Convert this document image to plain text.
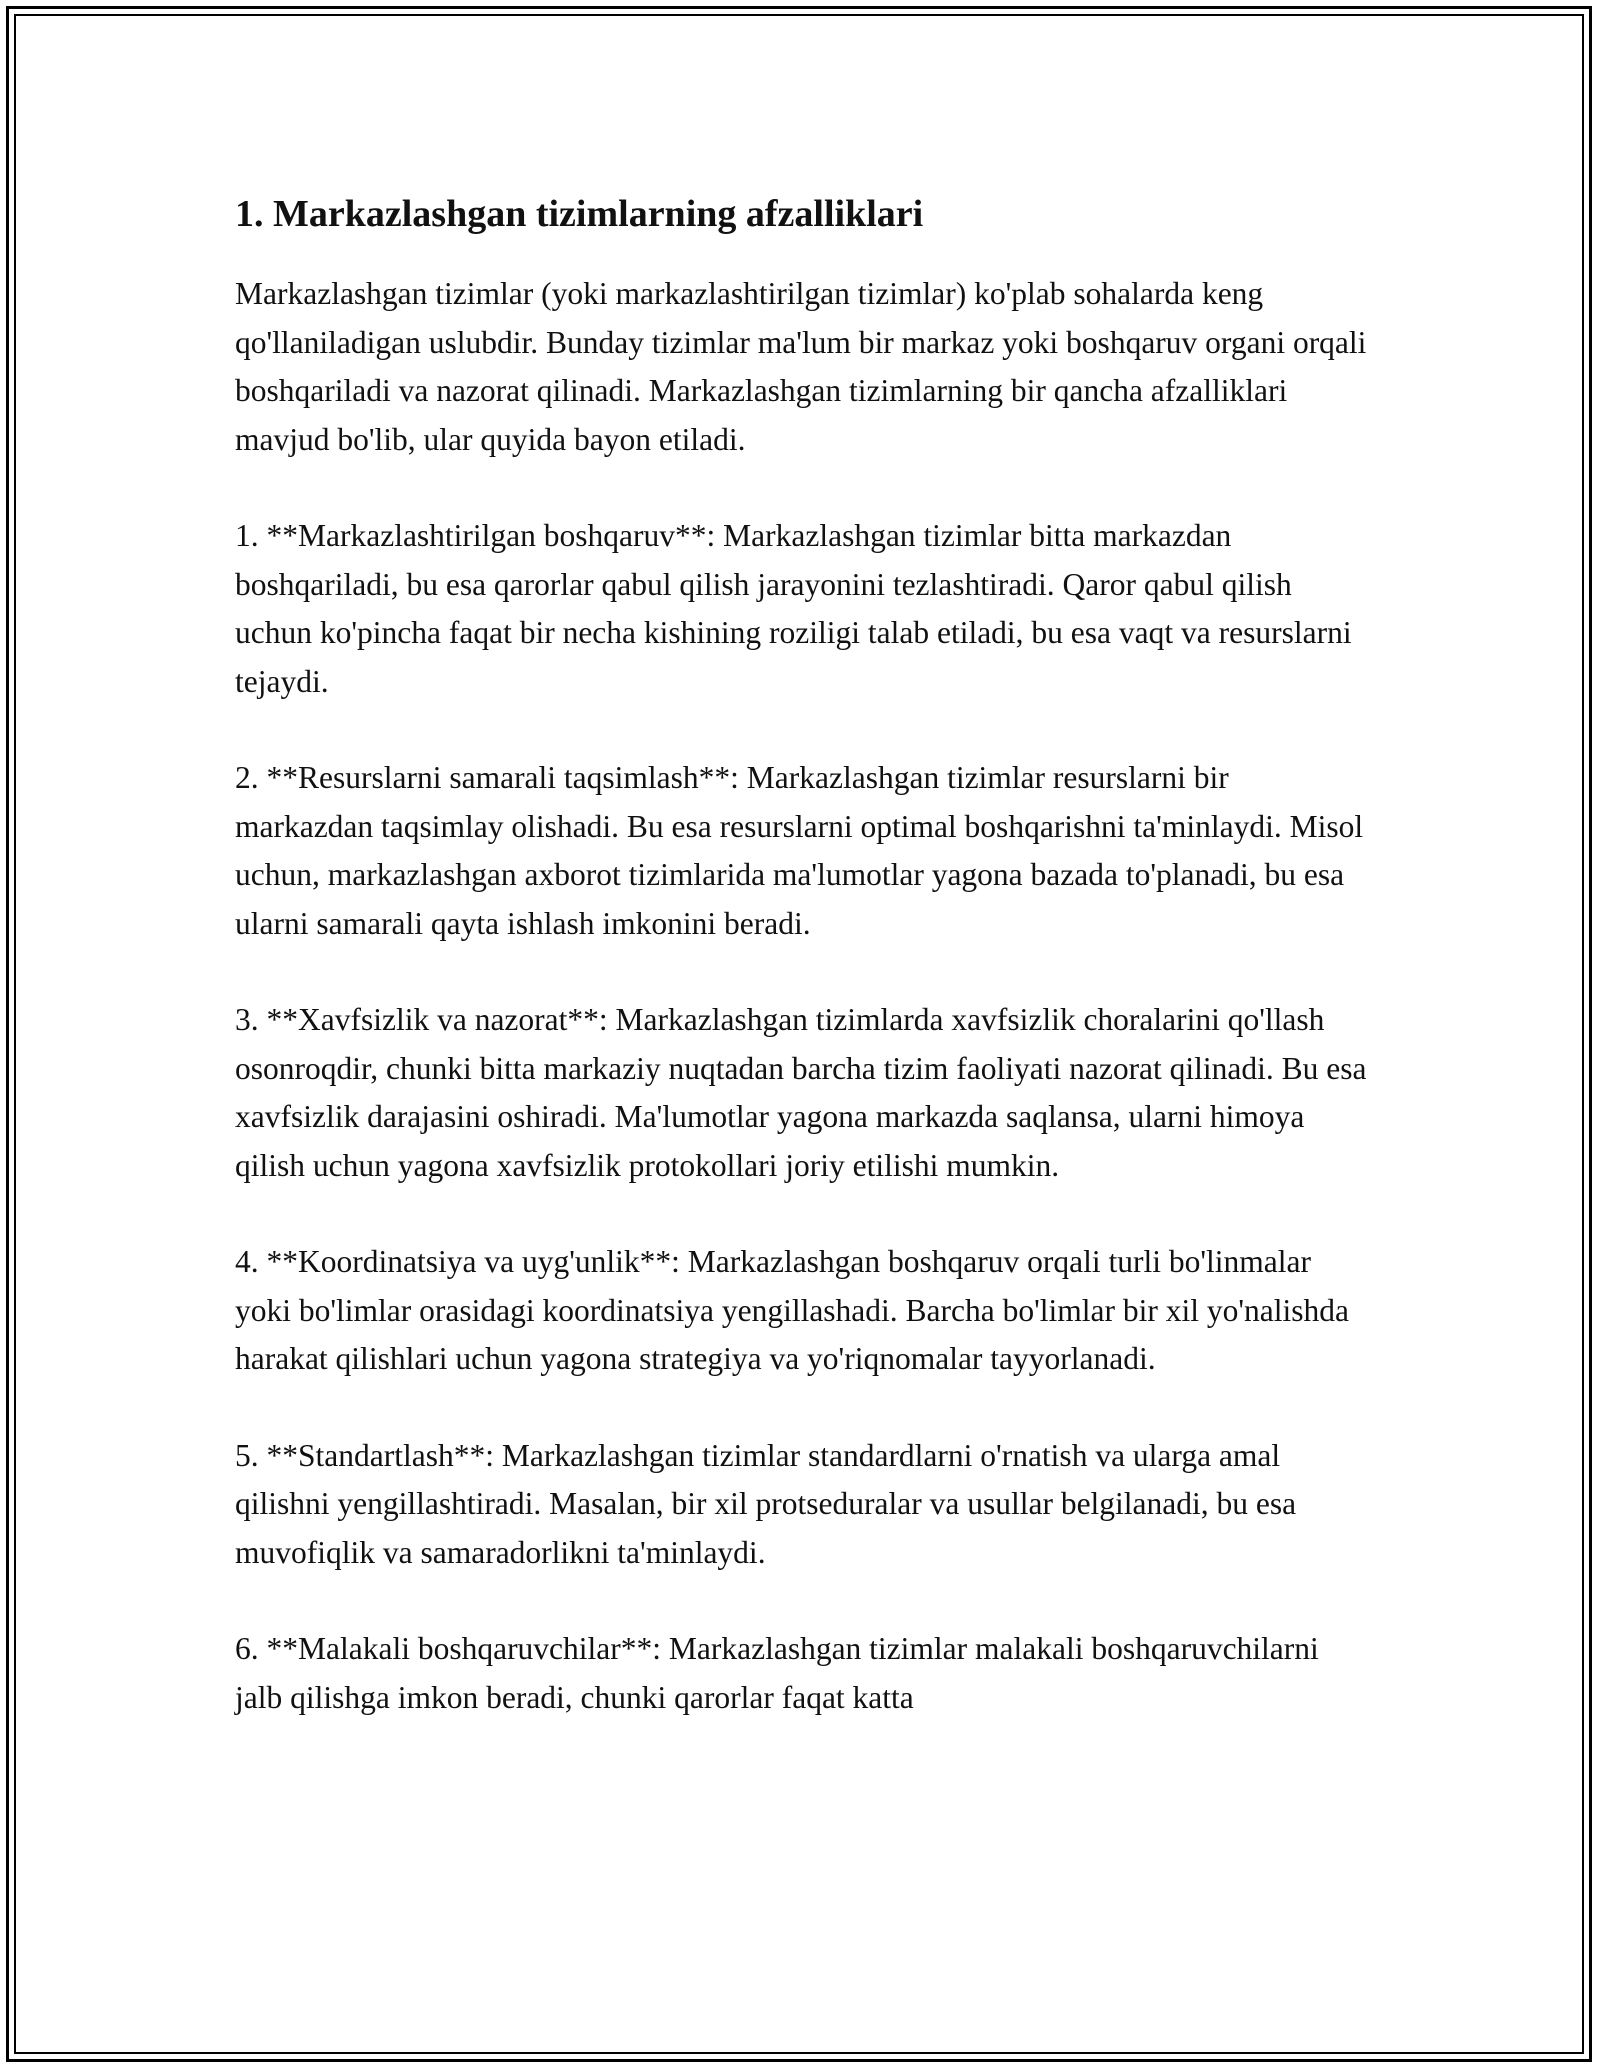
1. Markazlashgan tizimlarning afzalliklari

Markazlashgan tizimlar (yoki markazlashtirilgan tizimlar) ko'plab sohalarda keng qo'llaniladigan uslubdir. Bunday tizimlar ma'lum bir markaz yoki boshqaruv organi orqali boshqariladi va nazorat qilinadi. Markazlashgan tizimlarning bir qancha afzalliklari mavjud bo'lib, ular quyida bayon etiladi.

1. **Markazlashtirilgan boshqaruv**: Markazlashgan tizimlar bitta markazdan boshqariladi, bu esa qarorlar qabul qilish jarayonini tezlashtiradi. Qaror qabul qilish uchun ko'pincha faqat bir necha kishining roziligi talab etiladi, bu esa vaqt va resurslarni tejaydi.

2. **Resurslarni samarali taqsimlash**: Markazlashgan tizimlar resurslarni bir markazdan taqsimlay olishadi. Bu esa resurslarni optimal boshqarishni ta'minlaydi. Misol uchun, markazlashgan axborot tizimlarida ma'lumotlar yagona bazada to'planadi, bu esa ularni samarali qayta ishlash imkonini beradi.

3. **Xavfsizlik va nazorat**: Markazlashgan tizimlarda xavfsizlik choralarini qo'llash osonroqdir, chunki bitta markaziy nuqtadan barcha tizim faoliyati nazorat qilinadi. Bu esa xavfsizlik darajasini oshiradi. Ma'lumotlar yagona markazda saqlansa, ularni himoya qilish uchun yagona xavfsizlik protokollari joriy etilishi mumkin.

4. **Koordinatsiya va uyg'unlik**: Markazlashgan boshqaruv orqali turli bo'linmalar yoki bo'limlar orasidagi koordinatsiya yengillashadi. Barcha bo'limlar bir xil yo'nalishda harakat qilishlari uchun yagona strategiya va yo'riqnomalar tayyorlanadi.

5. **Standartlash**: Markazlashgan tizimlar standardlarni o'rnatish va ularga amal qilishni yengillashtiradi. Masalan, bir xil protseduralar va usullar belgilanadi, bu esa muvofiqlik va samaradorlikni ta'minlaydi.

6. **Malakali boshqaruvchilar**: Markazlashgan tizimlar malakali boshqaruvchilarni jalb qilishga imkon beradi, chunki qarorlar faqat katta
